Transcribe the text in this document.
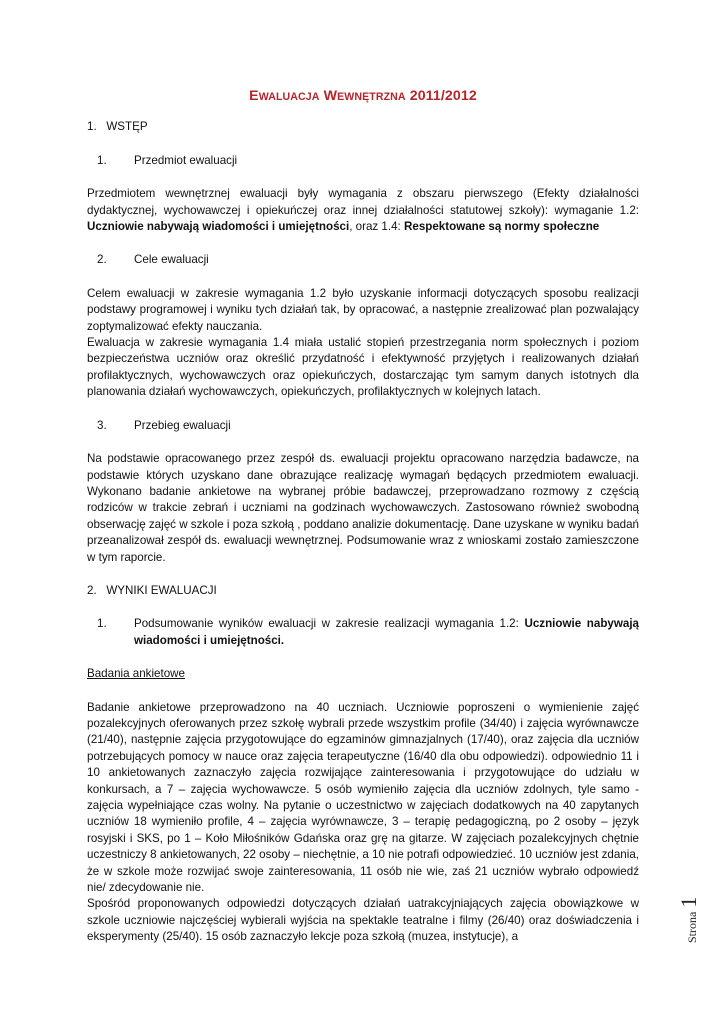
EWALUACJA WEWNĘTRZNA 2011/2012
1. WSTĘP
1.	Przedmiot ewaluacji

Przedmiotem wewnętrznej ewaluacji były wymagania z obszaru pierwszego (Efekty działalności dydaktycznej, wychowawczej i opiekuńczej oraz innej działalności statutowej szkoły): wymaganie 1.2: Uczniowie nabywają wiadomości i umiejętności, oraz 1.4: Respektowane są normy społeczne

2.	Cele ewaluacji

Celem ewaluacji w zakresie wymagania 1.2 było uzyskanie informacji dotyczących sposobu realizacji podstawy programowej i wyniku tych działań tak, by opracować, a następnie zrealizować plan pozwalający zoptymalizować efekty nauczania.

Ewaluacja w zakresie wymagania 1.4 miała ustalić stopień przestrzegania norm społecznych i poziom bezpieczeństwa uczniów oraz określić przydatność i efektywność przyjętych i realizowanych działań profilaktycznych, wychowawczych oraz opiekuńczych, dostarczając tym samym danych istotnych dla planowania działań wychowawczych, opiekuńczych, profilaktycznych w kolejnych latach.

3.	Przebieg ewaluacji

Na podstawie opracowanego przez zespół ds. ewaluacji projektu opracowano narzędzia badawcze, na podstawie których uzyskano dane obrazujące realizację wymagań będących przedmiotem ewaluacji. Wykonano badanie ankietowe na wybranej próbie badawczej, przeprowadzano rozmowy z częścią rodziców w trakcie zebrań i uczniami na godzinach wychowawczych. Zastosowano również swobodną obserwację zajęć w szkole i poza szkołą , poddano analizie dokumentację. Dane uzyskane w wyniku badań przeanalizował zespół ds. ewaluacji wewnętrznej. Podsumowanie wraz z wnioskami zostało zamieszczone w tym raporcie.

2. WYNIKI EWALUACJI
1.	Podsumowanie wyników ewaluacji w zakresie realizacji wymagania 1.2: Uczniowie nabywają wiadomości i umiejętności.
Badania ankietowe

Badanie ankietowe przeprowadzono na 40 uczniach. Uczniowie poproszeni o wymienienie zajęć pozalekcyjnych oferowanych przez szkołę wybrali przede wszystkim profile (34/40) i zajęcia wyrównawcze (21/40), następnie zajęcia przygotowujące do egzaminów gimnazjalnych (17/40), oraz zajęcia dla uczniów potrzebujących pomocy w nauce oraz zajęcia terapeutyczne (16/40 dla obu odpowiedzi). odpowiednio 11 i 10 ankietowanych zaznaczyło zajęcia rozwijające zainteresowania i przygotowujące do udziału w konkursach, a 7 – zajęcia wychowawcze. 5 osób wymieniło zajęcia dla uczniów zdolnych, tyle samo - zajęcia wypełniające czas wolny. Na pytanie o uczestnictwo w zajęciach dodatkowych na 40 zapytanych uczniów 18 wymieniło profile, 4 – zajęcia wyrównawcze, 3 – terapię pedagogiczną, po 2 osoby – język rosyjski i SKS, po 1 – Koło Miłośników Gdańska oraz grę na gitarze. W zajęciach pozalekcyjnych chętnie uczestniczy 8 ankietowanych, 22 osoby – niechętnie, a 10 nie potrafi odpowiedzieć. 10 uczniów jest zdania, że w szkole może rozwijać swoje zainteresowania, 11 osób nie wie, zaś 21 uczniów wybrało odpowiedź nie/ zdecydowanie nie.

Spośród proponowanych odpowiedzi dotyczących działań uatrakcyjniających zajęcia obowiązkowe w szkole uczniowie najczęściej wybierali wyjścia na spektakle teatralne i filmy (26/40) oraz doświadczenia i eksperymenty (25/40). 15 osób zaznaczyło lekcje poza szkołą (muzea, instytucje), a	Strona
1
